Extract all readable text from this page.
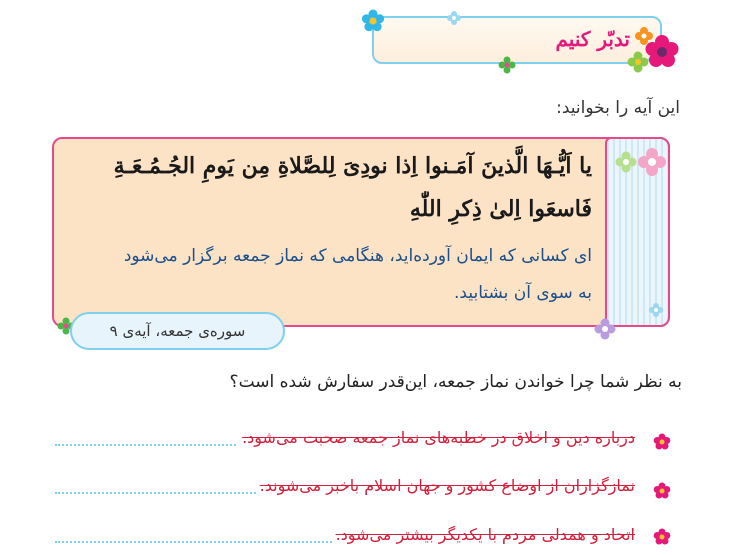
تدبّر کنیم
این آیه را بخوانید:
یا اَیُّـهَا الَّذینَ آمَـنوا اِذا نودِیَ لِلصَّلاةِ مِن یَومِ الجُـمُـعَـةِ
فَاسعَوا اِلیٰ ذِکرِ اللّٰهِ
ای کسانی که ایمان آورده‌اید، هنگامی که نماز جمعه برگزار می‌شود
به سوی آن بشتابید.
سوره‌ی جمعه، آیه‌ی ۹
به نظر شما چرا خواندن نماز جمعه، این‌قدر سفارش شده است؟
درباره دین و اخلاق در خطبه‌های نماز جمعه صحبت می‌شود.
نمازگزاران از اوضاع کشور و جهان اسلام باخبر می‌شوند.
اتحاد و همدلی مردم با یکدیگر بیشتر می‌شود.
